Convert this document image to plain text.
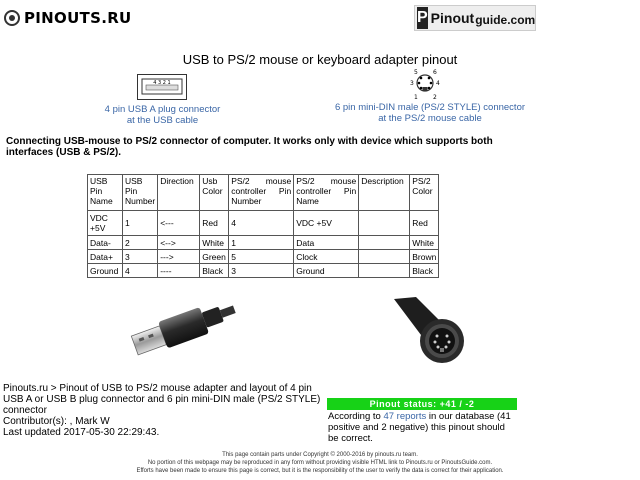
PINOUTS.RU	P Pinout guide.com
USB to PS/2 mouse or keyboard adapter pinout
4 3 2 1
4 pin USB A plug connector
at the USB cable
5	6
3	4
1	2
6 pin mini-DIN male (PS/2 STYLE) connector
at the PS/2 mouse cable
Connecting USB-mouse to PS/2 connector of computer. It works only with device which supports both interfaces (USB & PS/2).
USB Pin Name	USB Pin Number	Direction	Usb Color	PS/2 mouse controller Pin Number	PS/2 mouse controller Pin Name	Description	PS/2 Color
VDC +5V	1	<---	Red	4	VDC +5V		Red
Data-	2	<-->	White	1	Data		White
Data+	3	--->	Green	5	Clock		Brown
Ground	4	----	Black	3	Ground		Black
Pinouts.ru > Pinout of USB to PS/2 mouse adapter and layout of 4 pin USB A or USB B plug connector and 6 pin mini-DIN male (PS/2 STYLE) connector
Contributor(s): , Mark W
Last updated 2017-05-30 22:29:43.
Pinout status: +41 / -2
According to 47 reports in our database (41 positive and 2 negative) this pinout should be correct.
This page contain parts under Copyright © 2000-2016 by pinouts.ru team.
No portion of this webpage may be reproduced in any form without providing visible HTML link to Pinouts.ru or PinoutsGuide.com.
Efforts have been made to ensure this page is correct, but it is the responsibility of the user to verify the data is correct for their application.
